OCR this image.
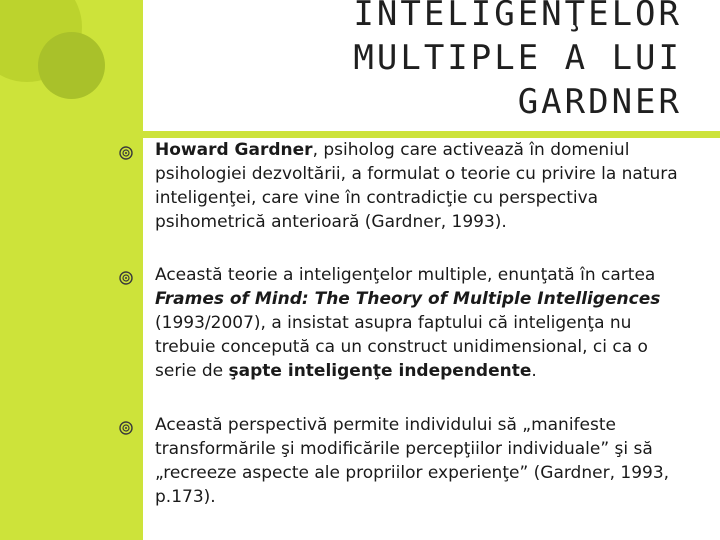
INTELIGENŢELOR
MULTIPLE A LUI
GARDNER
Howard Gardner, psiholog care activează în domeniul psihologiei dezvoltării, a formulat o teorie cu privire la natura inteligenţei, care vine în contradicţie cu perspectiva psihometrică anterioară (Gardner, 1993).
Această teorie a inteligenţelor multiple, enunţată în cartea Frames of Mind: The Theory of Multiple Intelligences (1993/2007), a insistat asupra faptului că inteligenţa nu trebuie concepută ca un construct unidimensional, ci ca o serie de şapte inteligenţe independente.
Această perspectivă permite individului să „manifeste transformările şi modificările percepţiilor individuale” şi să „recreeze aspecte ale propriilor experienţe” (Gardner, 1993, p.173).
